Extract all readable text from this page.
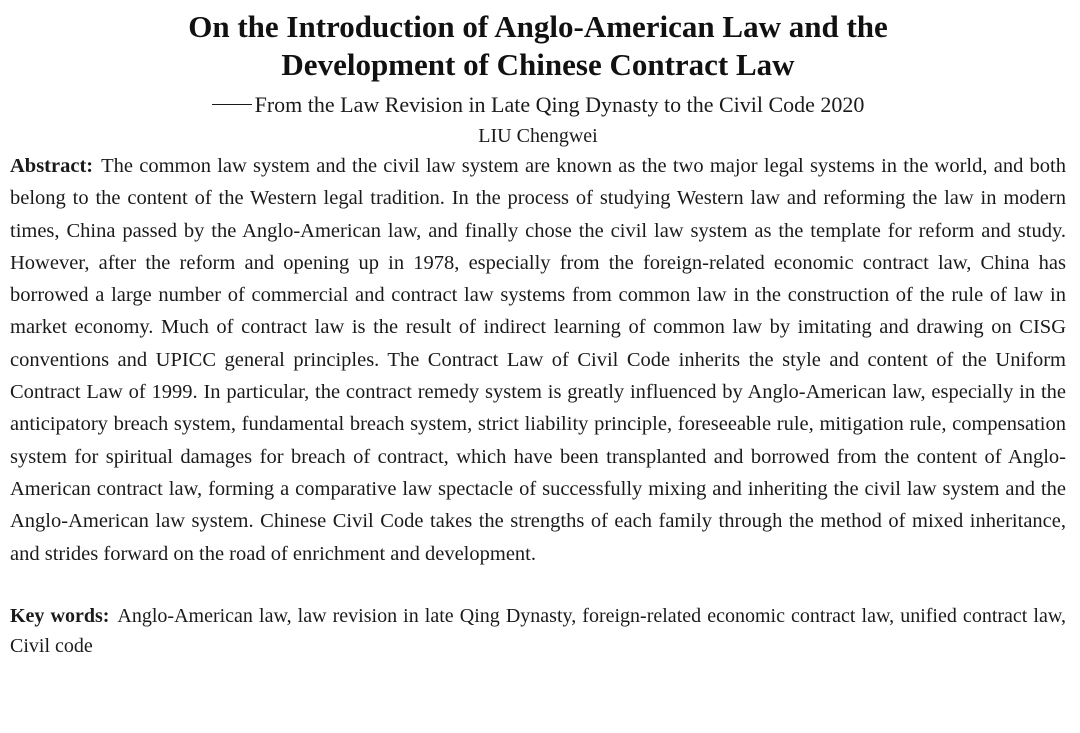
On the Introduction of Anglo-American Law and the
Development of Chinese Contract Law
From the Law Revision in Late Qing Dynasty to the Civil Code 2020
LIU Chengwei

Abstract: The common law system and the civil law system are known as the two major legal systems in the world, and both belong to the content of the Western legal tradition. In the process of studying Western law and reforming the law in modern times, China passed by the Anglo-American law, and finally chose the civil law system as the template for reform and study. However, after the reform and opening up in 1978, especially from the foreign-related economic contract law, China has borrowed a large number of commercial and contract law systems from common law in the construction of the rule of law in market economy. Much of contract law is the result of indirect learning of common law by imitating and drawing on CISG conventions and UPICC general principles. The Contract Law of Civil Code inherits the style and content of the Uniform Contract Law of 1999. In particular, the contract remedy system is greatly influenced by Anglo-American law, especially in the anticipatory breach system, fundamental breach system, strict liability principle, foreseeable rule, mitigation rule, compensation system for spiritual damages for breach of contract, which have been transplanted and borrowed from the content of Anglo-American contract law, forming a comparative law spectacle of successfully mixing and inheriting the civil law system and the Anglo-American law system. Chinese Civil Code takes the strengths of each family through the method of mixed inheritance, and strides forward on the road of enrichment and development.

Key words: Anglo-American law, law revision in late Qing Dynasty, foreign-related economic contract law, unified contract law, Civil code
